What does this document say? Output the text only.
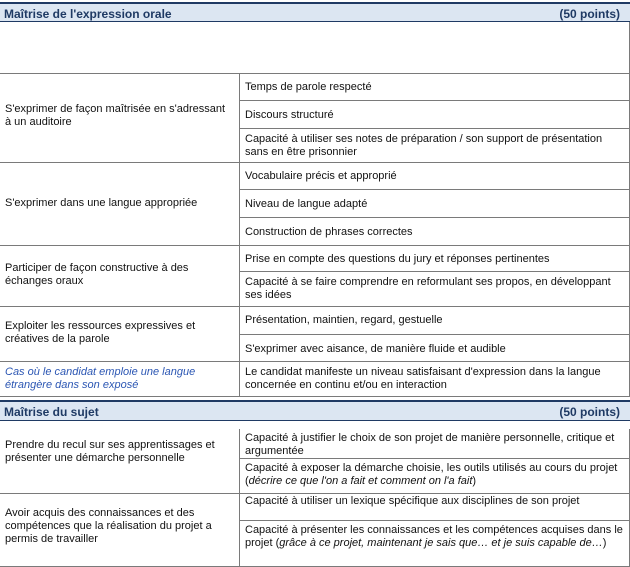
Maîtrise de l'expression orale	(50 points)
S'exprimer de façon maîtrisée en s'adressant à un auditoire
S'exprimer dans une langue appropriée
Participer de façon constructive à des échanges oraux
Exploiter les ressources expressives et créatives de la parole
Cas où le candidat emploie une langue étrangère dans son exposé
Temps de parole respecté
Discours structuré
Capacité à utiliser ses notes de préparation / son support de présentation sans en être prisonnier
Vocabulaire précis et approprié
Niveau de langue adapté
Construction de phrases correctes
Prise en compte des questions du jury et réponses pertinentes
Capacité à se faire comprendre en reformulant ses propos, en développant ses idées
Présentation, maintien, regard, gestuelle
S'exprimer avec aisance, de manière fluide et audible
Le candidat manifeste un niveau satisfaisant d'expression dans la langue concernée en continu et/ou en interaction
Maîtrise du sujet	(50 points)
Prendre du recul sur ses apprentissages et présenter une démarche personnelle
Avoir acquis des connaissances et des compétences que la réalisation du projet a permis de travailler
Capacité à justifier le choix de son projet de manière personnelle, critique et argumentée
Capacité à exposer la démarche choisie, les outils utilisés au cours du projet (décrire ce que l'on a fait et comment on l'a fait)
Capacité à utiliser un lexique spécifique aux disciplines de son projet
Capacité à présenter les connaissances et les compétences acquises dans le projet (grâce à ce projet, maintenant je sais que… et je suis capable de…)
